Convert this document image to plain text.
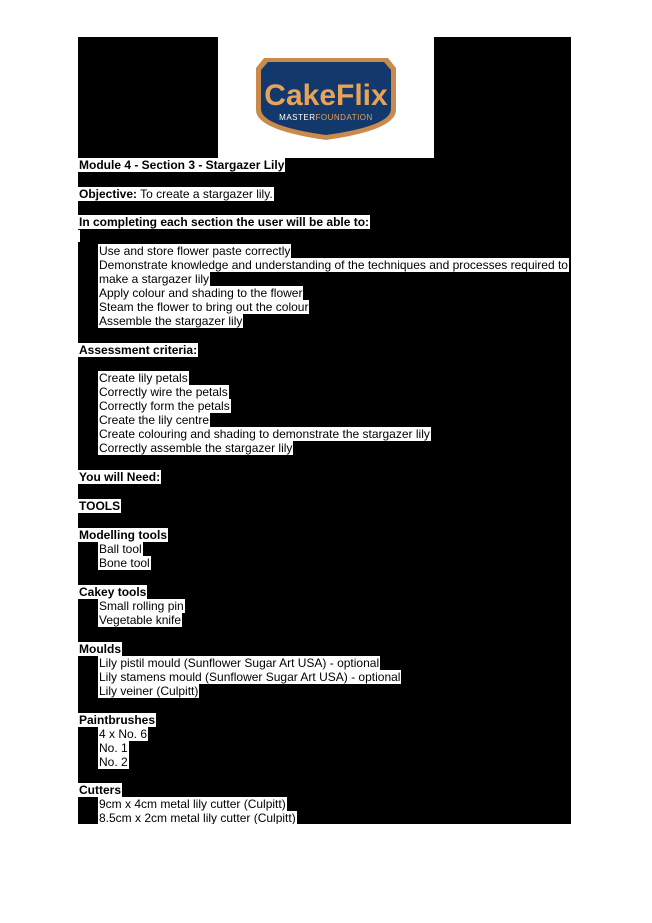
CakeFlix
MASTERFOUNDATION
Module 4 - Section 3 - Stargazer Lily
Objective: To create a stargazer lily.
In completing each section the user will be able to:
Use and store flower paste correctly
Demonstrate knowledge and understanding of the techniques and processes required to
make a stargazer lily
Apply colour and shading to the flower
Steam the flower to bring out the colour
Assemble the stargazer lily
Assessment criteria:
Create lily petals
Correctly wire the petals
Correctly form the petals
Create the lily centre
Create colouring and shading to demonstrate the stargazer lily
Correctly assemble the stargazer lily
You will Need:
TOOLS
Modelling tools
Ball tool
Bone tool
Cakey tools
Small rolling pin
Vegetable knife
Moulds
Lily pistil mould (Sunflower Sugar Art USA) - optional
Lily stamens mould (Sunflower Sugar Art USA) - optional
Lily veiner (Culpitt)
Paintbrushes
4 x No. 6
No. 1
No. 2
Cutters
9cm x 4cm metal lily cutter (Culpitt)
8.5cm x 2cm metal lily cutter (Culpitt)
